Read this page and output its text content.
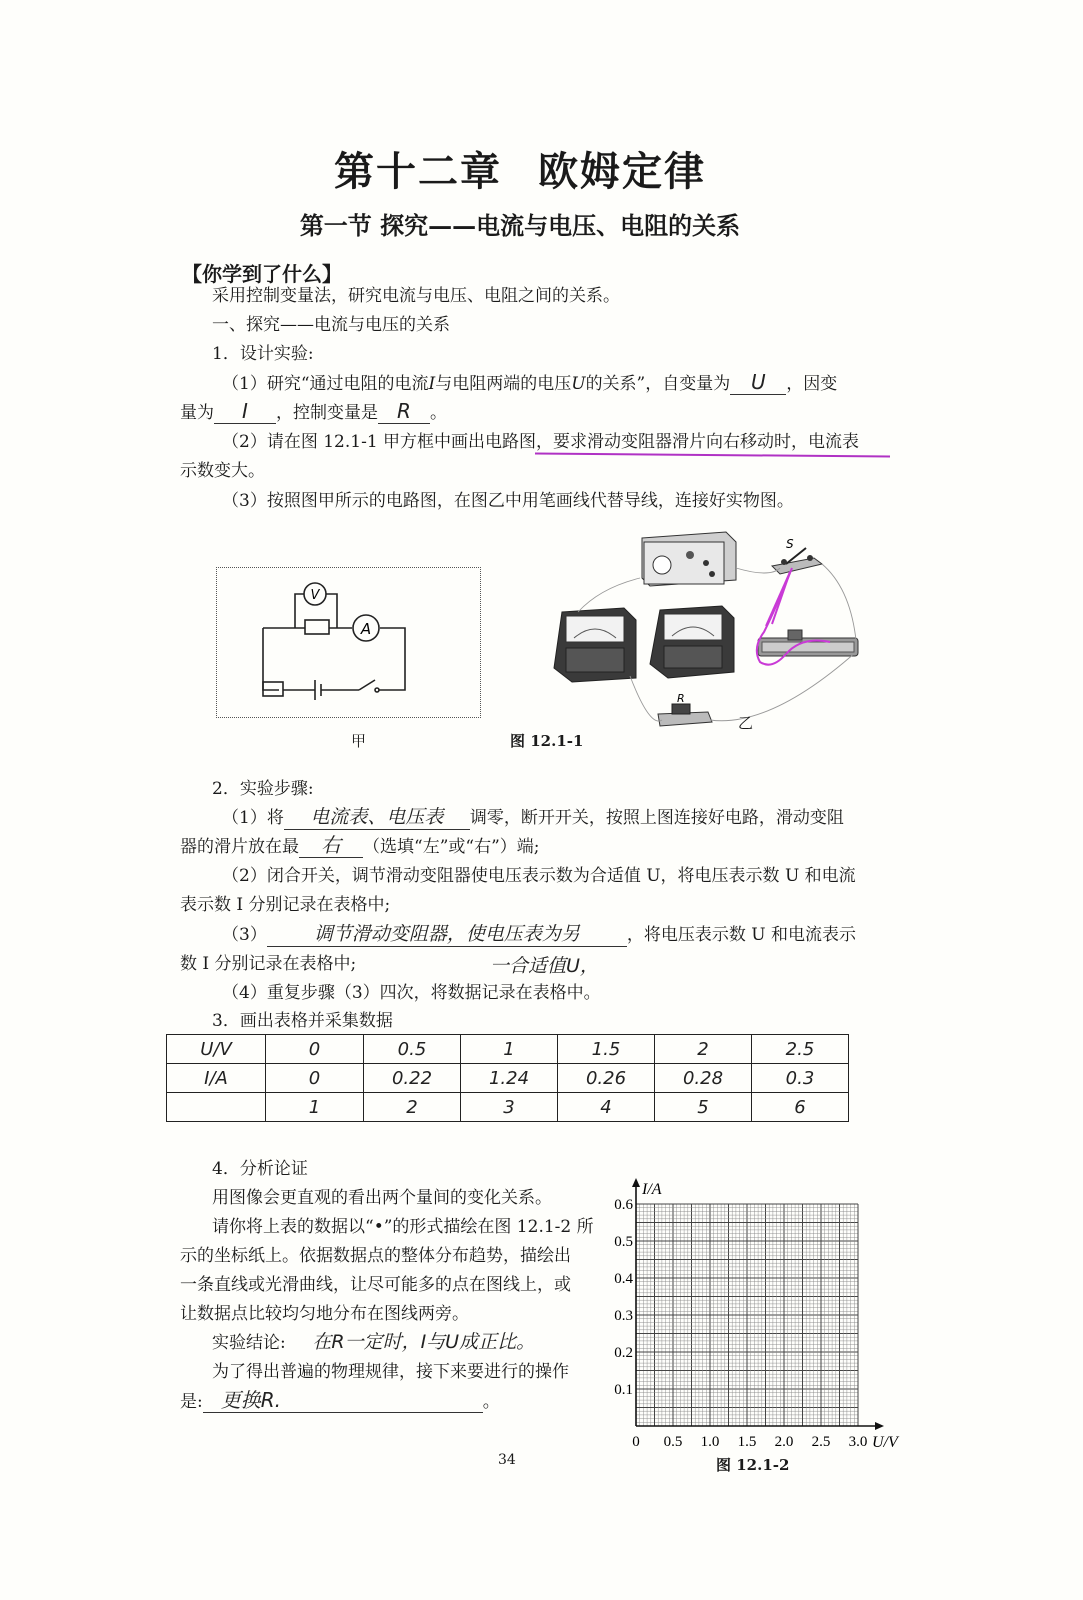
第十二章 欧姆定律
第一节 探究——电流与电压、电阻的关系
【你学到了什么】
采用控制变量法，研究电流与电压、电阻之间的关系。
一、探究——电流与电压的关系
1．设计实验:
（1）研究“通过电阻的电流I与电阻两端的电压U的关系”，自变量为 U ，因变
量为 I ，控制变量是 R 。
（2）请在图 12.1-1 甲方框中画出电路图，要求滑动变阻器滑片向右移动时，电流表
示数变大。
（3）按照图甲所示的电路图，在图乙中用笔画线代替导线，连接好实物图。
V
A
甲
S
R
乙
图 12.1-1
2．实验步骤:
（1）将 电流表、电压表 调零，断开开关，按照上图连接好电路，滑动变阻
器的滑片放在最 右 （选填“左”或“右”）端;
（2）闭合开关，调节滑动变阻器使电压表示数为合适值 U，将电压表示数 U 和电流
表示数 I 分别记录在表格中;
（3） 调节滑动变阻器，使电压表为另	，将电压表示数 U 和电流表示
数 I 分别记录在表格中;	一合适值U，
（4）重复步骤（3）四次，将数据记录在表格中。
3．画出表格并采集数据
U/V	0	0.5	1	1.5	2	2.5
I/A	0	0.22	1.24	0.26	0.28	0.3
	1	2	3	4	5	6
4．分析论证
用图像会更直观的看出两个量间的变化关系。
请你将上表的数据以“•”的形式描绘在图 12.1-2 所
示的坐标纸上。依据数据点的整体分布趋势，描绘出
一条直线或光滑曲线，让尽可能多的点在图线上，或
让数据点比较均匀地分布在图线两旁。
实验结论: 在R一定时，I与U成正比。
为了得出普遍的物理规律，接下来要进行的操作
是: 更换R.	。
0 0.5 1.0 1.5 2.0 2.5 3.0
0.1
0.2
0.3
0.4
0.5
0.6
I/A
U/V
图 12.1-2
34
